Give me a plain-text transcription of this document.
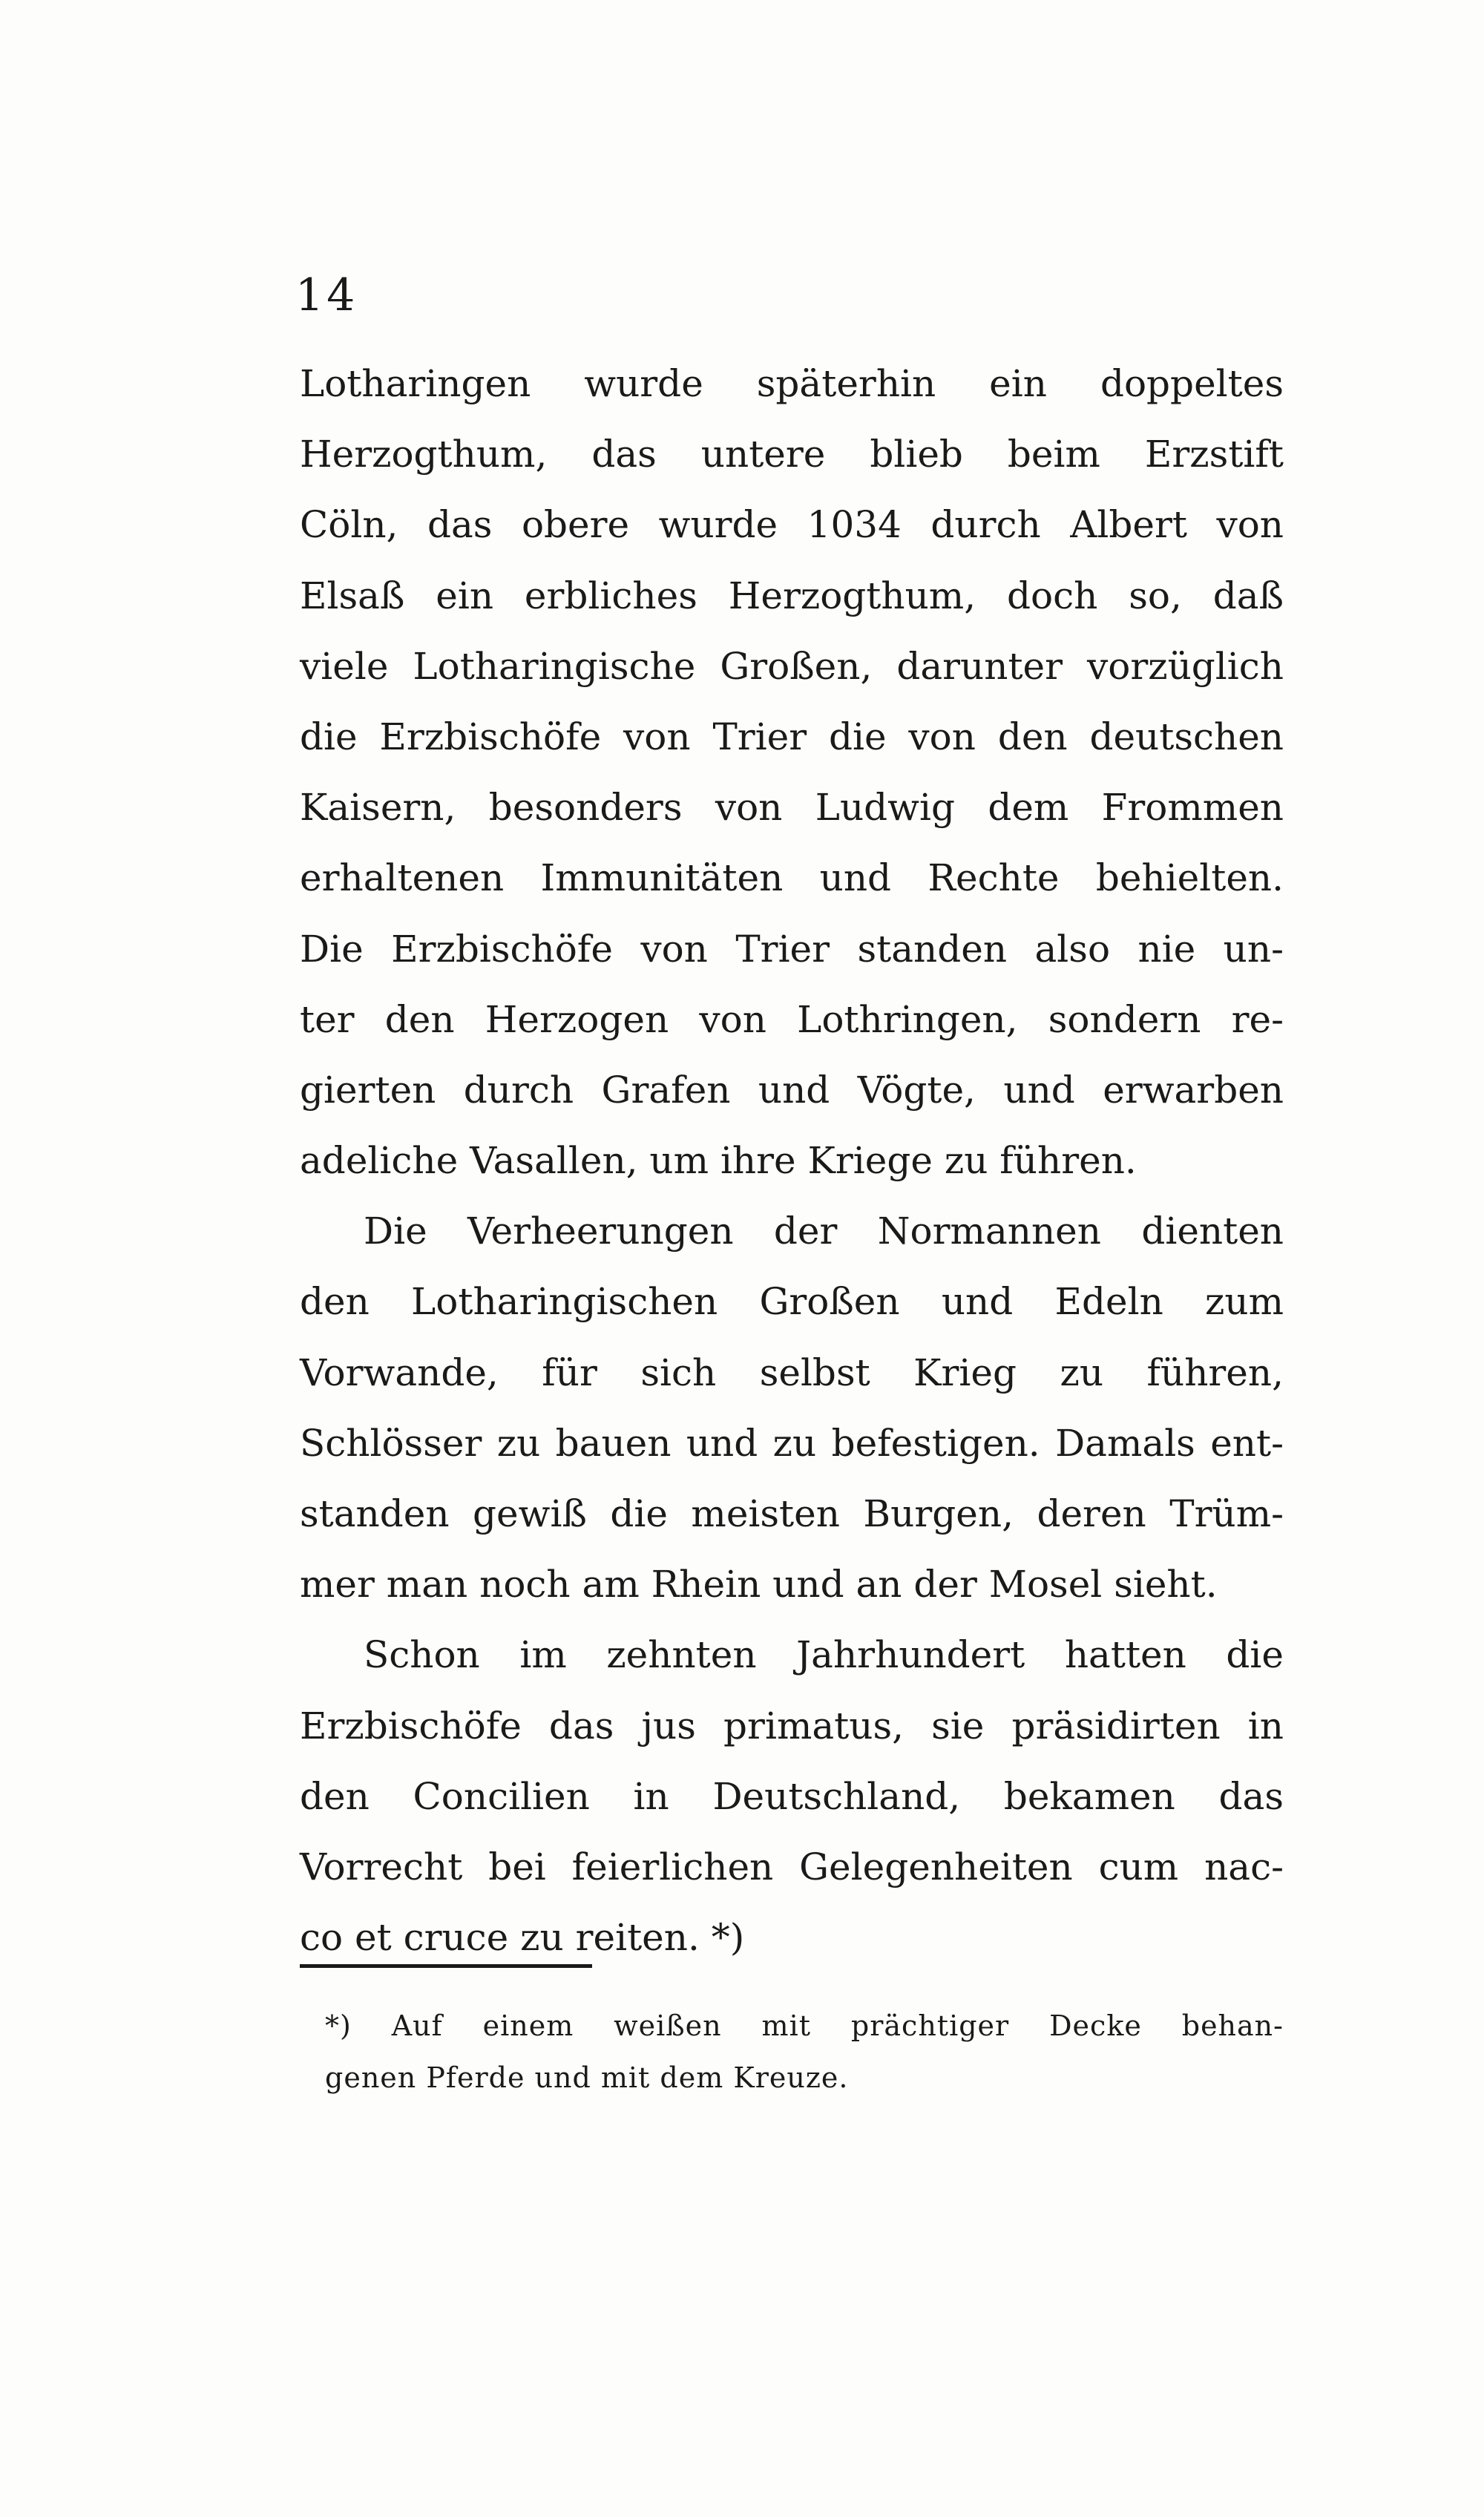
14
Lotharingen wurde späterhin ein doppeltes
Herzogthum, das untere blieb beim Erzstift
Cöln, das obere wurde 1034 durch Albert von
Elsaß ein erbliches Herzogthum, doch so, daß
viele Lotharingische Großen, darunter vorzüglich
die Erzbischöfe von Trier die von den deutschen
Kaisern, besonders von Ludwig dem Frommen
erhaltenen Immunitäten und Rechte behielten.
Die Erzbischöfe von Trier standen also nie un-
ter den Herzogen von Lothringen, sondern re-
gierten durch Grafen und Vögte, und erwarben
adeliche Vasallen, um ihre Kriege zu führen.
Die Verheerungen der Normannen dienten
den Lotharingischen Großen und Edeln zum
Vorwande, für sich selbst Krieg zu führen,
Schlösser zu bauen und zu befestigen. Damals ent-
standen gewiß die meisten Burgen, deren Trüm-
mer man noch am Rhein und an der Mosel sieht.
Schon im zehnten Jahrhundert hatten die
Erzbischöfe das jus primatus, sie präsidirten in
den Concilien in Deutschland, bekamen das
Vorrecht bei feierlichen Gelegenheiten cum nac-
co et cruce zu reiten. *)
*) Auf einem weißen mit prächtiger Decke behan-
genen Pferde und mit dem Kreuze.
